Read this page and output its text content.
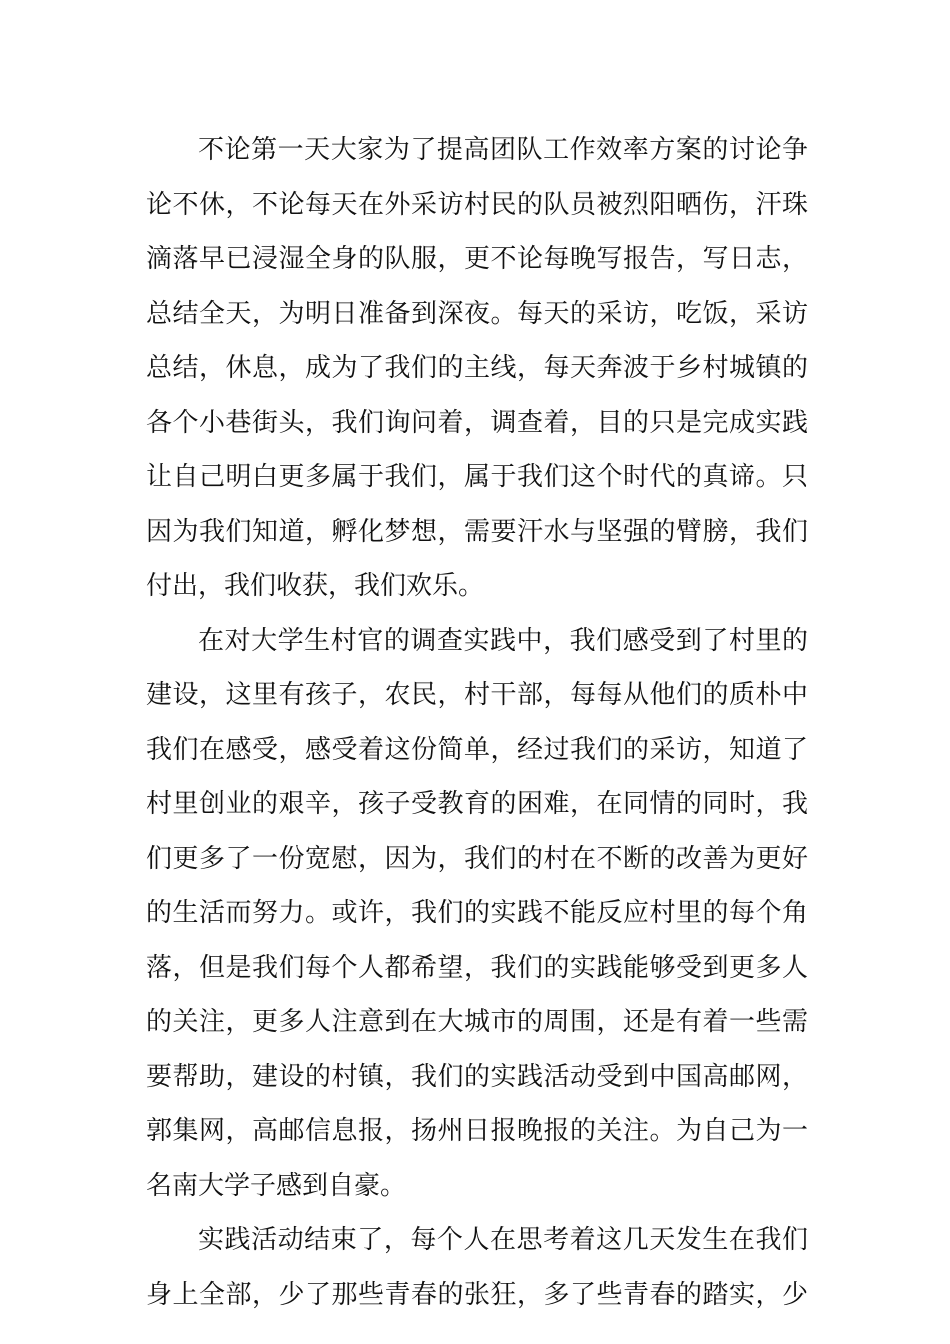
不论第一天大家为了提高团队工作效率方案的讨论争
论不休，不论每天在外采访村民的队员被烈阳晒伤，汗珠
滴落早已浸湿全身的队服，更不论每晚写报告，写日志，
总结全天，为明日准备到深夜。每天的采访，吃饭，采访
总结，休息，成为了我们的主线，每天奔波于乡村城镇的
各个小巷街头，我们询问着，调查着，目的只是完成实践
让自己明白更多属于我们，属于我们这个时代的真谛。只
因为我们知道，孵化梦想，需要汗水与坚强的臂膀，我们
付出，我们收获，我们欢乐。
在对大学生村官的调查实践中，我们感受到了村里的
建设，这里有孩子，农民，村干部，每每从他们的质朴中
我们在感受，感受着这份简单，经过我们的采访，知道了
村里创业的艰辛，孩子受教育的困难，在同情的同时，我
们更多了一份宽慰，因为，我们的村在不断的改善为更好
的生活而努力。或许，我们的实践不能反应村里的每个角
落，但是我们每个人都希望，我们的实践能够受到更多人
的关注，更多人注意到在大城市的周围，还是有着一些需
要帮助，建设的村镇，我们的实践活动受到中国高邮网，
郭集网，高邮信息报，扬州日报晚报的关注。为自己为一
名南大学子感到自豪。
实践活动结束了，每个人在思考着这几天发生在我们
身上全部，少了那些青春的张狂，多了些青春的踏实，少
